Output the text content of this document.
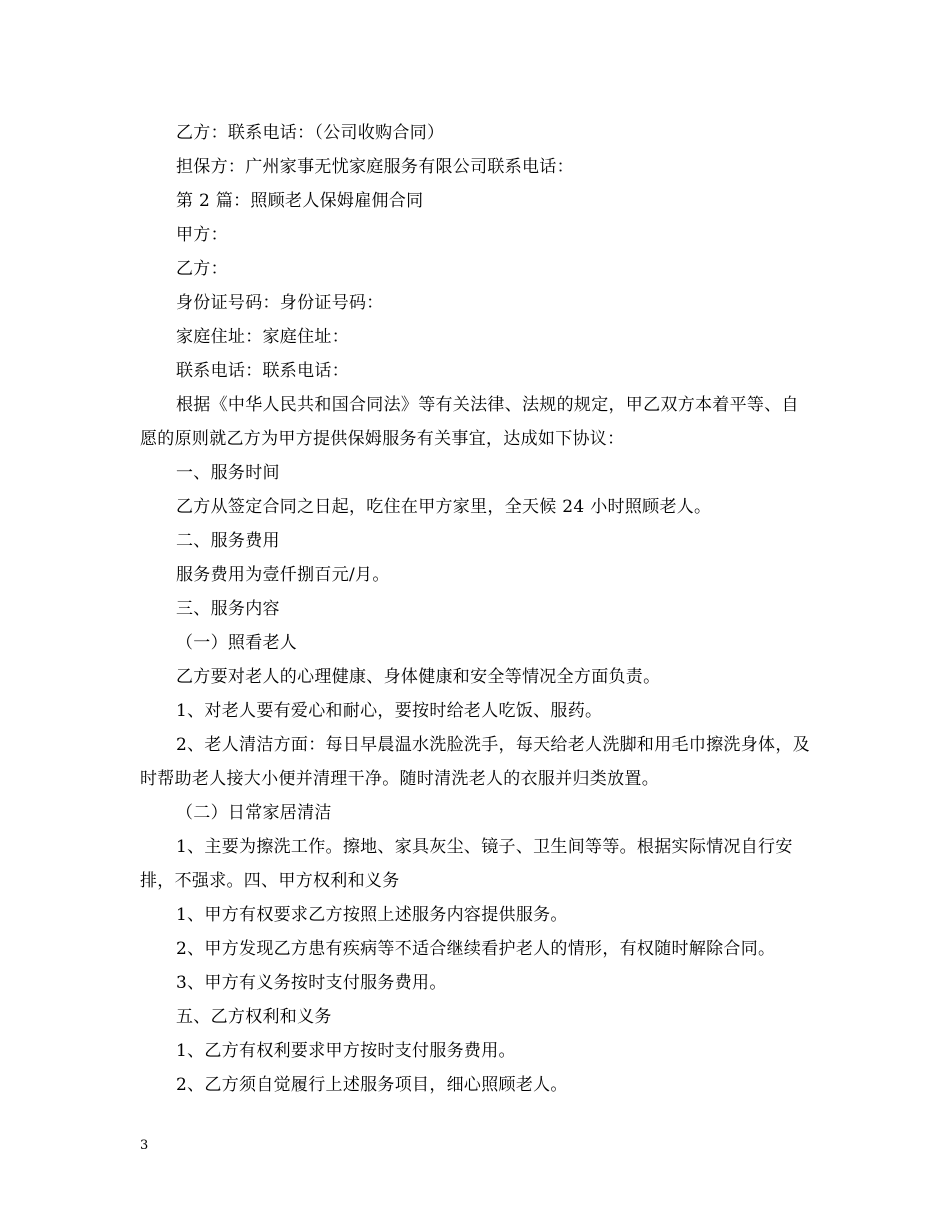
乙方：联系电话：（公司收购合同）

担保方：广州家事无忧家庭服务有限公司联系电话：

第 2 篇：照顾老人保姆雇佣合同

甲方：

乙方：

身份证号码：身份证号码：

家庭住址：家庭住址：

联系电话：联系电话：

根据《中华人民共和国合同法》等有关法律、法规的规定，甲乙双方本着平等、自愿的原则就乙方为甲方提供保姆服务有关事宜，达成如下协议：

一、服务时间

乙方从签定合同之日起，吃住在甲方家里，全天候 24 小时照顾老人。

二、服务费用

服务费用为壹仟捌百元/月。

三、服务内容

（一）照看老人

乙方要对老人的心理健康、身体健康和安全等情况全方面负责。

1、对老人要有爱心和耐心，要按时给老人吃饭、服药。

2、老人清洁方面：每日早晨温水洗脸洗手，每天给老人洗脚和用毛巾擦洗身体，及时帮助老人接大小便并清理干净。随时清洗老人的衣服并归类放置。

（二）日常家居清洁

1、主要为擦洗工作。擦地、家具灰尘、镜子、卫生间等等。根据实际情况自行安排，不强求。四、甲方权利和义务

1、甲方有权要求乙方按照上述服务内容提供服务。

2、甲方发现乙方患有疾病等不适合继续看护老人的情形，有权随时解除合同。

3、甲方有义务按时支付服务费用。

五、乙方权利和义务

1、乙方有权利要求甲方按时支付服务费用。

2、乙方须自觉履行上述服务项目，细心照顾老人。

3
